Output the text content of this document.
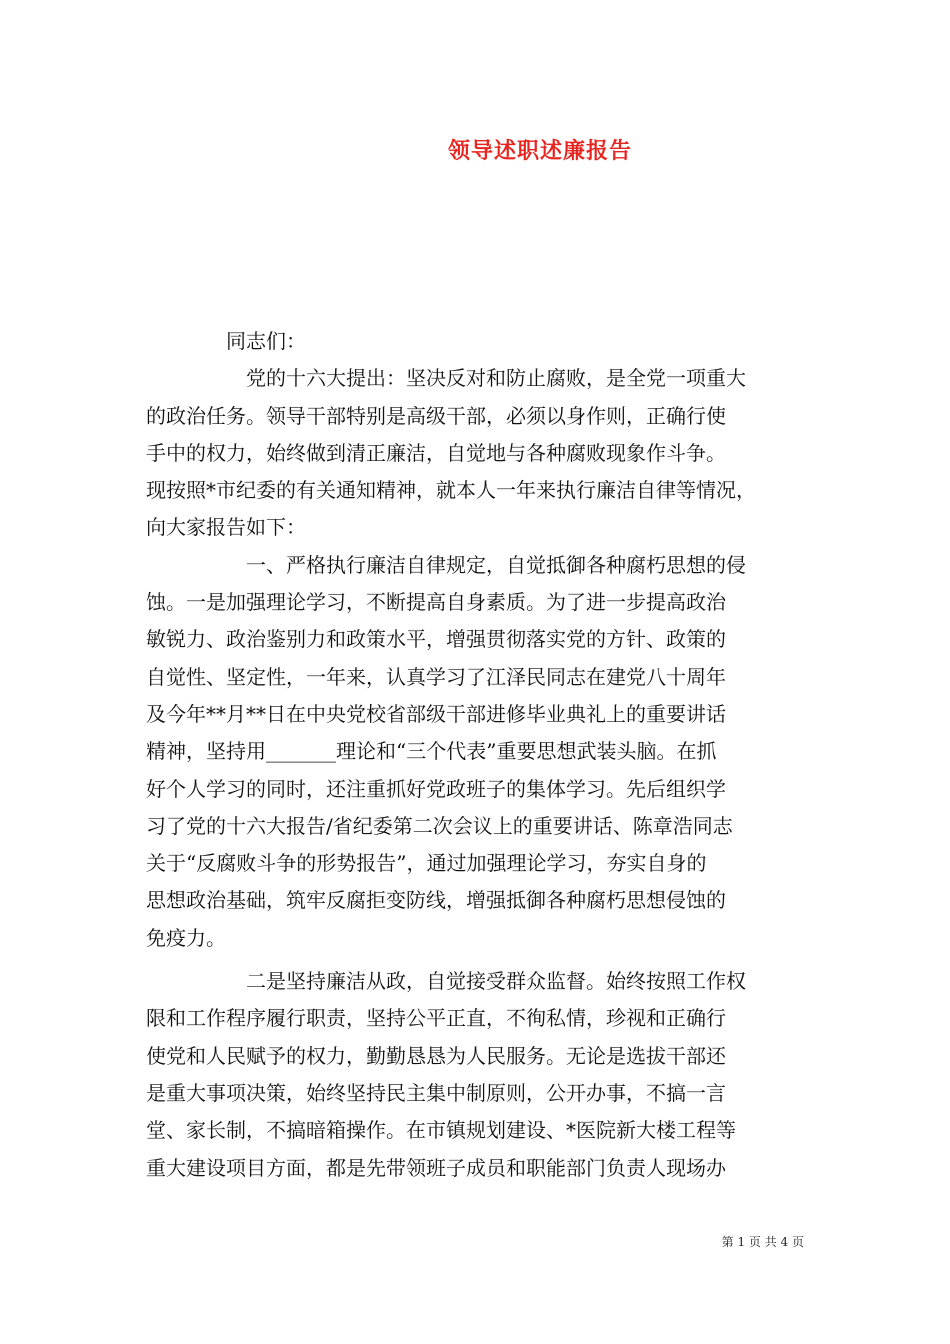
领导述职述廉报告
　　　　同志们：
　　　　　党的十六大提出：坚决反对和防止腐败，是全党一项重大
的政治任务。领导干部特别是高级干部，必须以身作则，正确行使
手中的权力，始终做到清正廉洁，自觉地与各种腐败现象作斗争。
现按照*市纪委的有关通知精神，就本人一年来执行廉洁自律等情况，
向大家报告如下：
　　　　　一、严格执行廉洁自律规定，自觉抵御各种腐朽思想的侵
蚀。一是加强理论学习，不断提高自身素质。为了进一步提高政治
敏锐力、政治鉴别力和政策水平，增强贯彻落实党的方针、政策的
自觉性、坚定性，一年来，认真学习了江泽民同志在建党八十周年
及今年**月**日在中央党校省部级干部进修毕业典礼上的重要讲话
精神，坚持用_______理论和“三个代表”重要思想武装头脑。在抓
好个人学习的同时，还注重抓好党政班子的集体学习。先后组织学
习了党的十六大报告/省纪委第二次会议上的重要讲话、陈章浩同志
关于“反腐败斗争的形势报告”，通过加强理论学习，夯实自身的
思想政治基础，筑牢反腐拒变防线，增强抵御各种腐朽思想侵蚀的
免疫力。
　　　　　二是坚持廉洁从政，自觉接受群众监督。始终按照工作权
限和工作程序履行职责，坚持公平正直，不徇私情，珍视和正确行
使党和人民赋予的权力，勤勤恳恳为人民服务。无论是选拔干部还
是重大事项决策，始终坚持民主集中制原则，公开办事，不搞一言
堂、家长制，不搞暗箱操作。在市镇规划建设、*医院新大楼工程等
重大建设项目方面，都是先带领班子成员和职能部门负责人现场办
第 1 页 共 4 页
